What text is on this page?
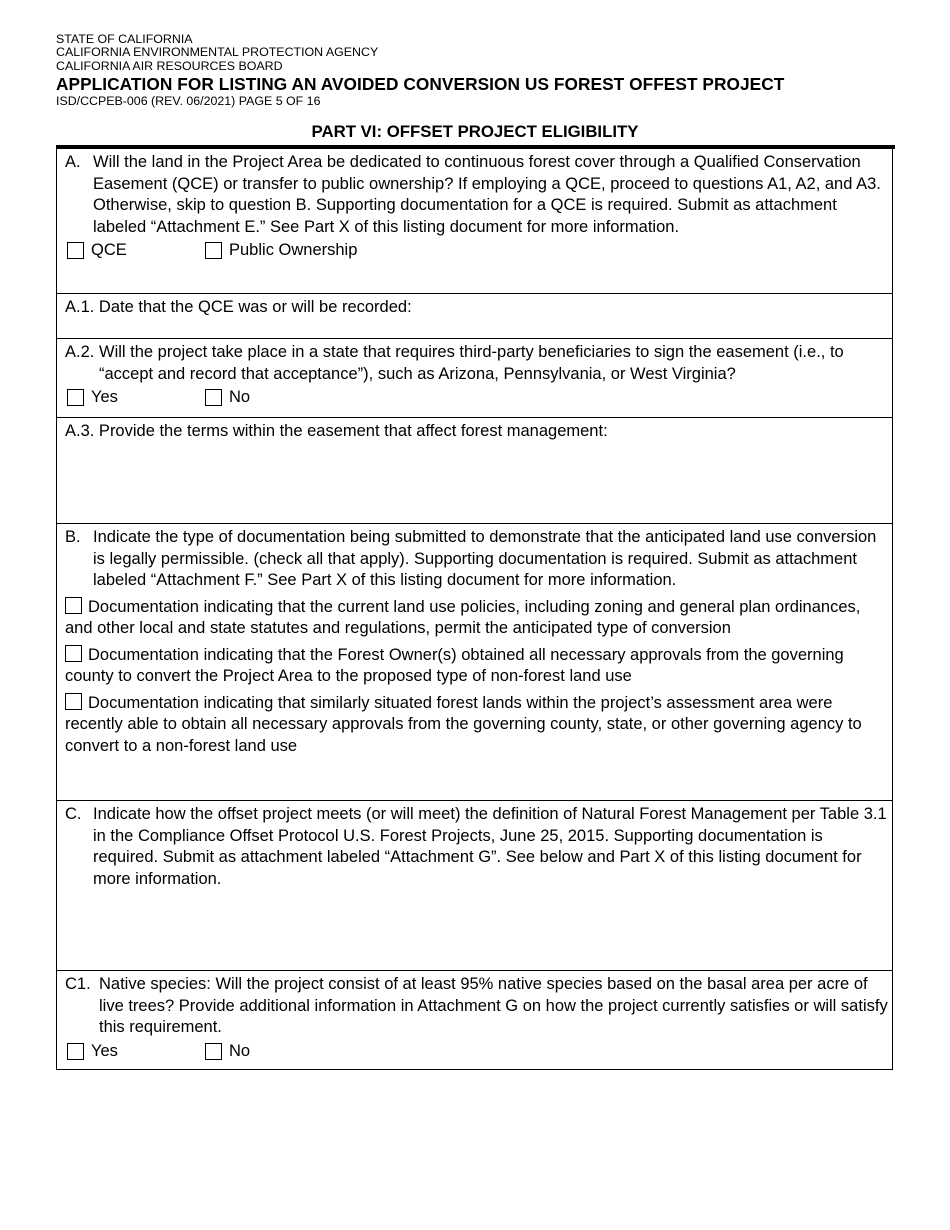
STATE OF CALIFORNIA
CALIFORNIA ENVIRONMENTAL PROTECTION AGENCY
CALIFORNIA AIR RESOURCES BOARD
APPLICATION FOR LISTING AN AVOIDED CONVERSION US FOREST OFFEST PROJECT
ISD/CCPEB-006 (REV. 06/2021) PAGE 5 OF 16
PART VI: OFFSET PROJECT ELIGIBILITY
A. Will the land in the Project Area be dedicated to continuous forest cover through a Qualified Conservation Easement (QCE) or transfer to public ownership? If employing a QCE, proceed to questions A1, A2, and A3. Otherwise, skip to question B. Supporting documentation for a QCE is required. Submit as attachment labeled “Attachment E.” See Part X of this listing document for more information.
QCE	Public Ownership
A.1. Date that the QCE was or will be recorded:
A.2. Will the project take place in a state that requires third-party beneficiaries to sign the easement (i.e., to “accept and record that acceptance”), such as Arizona, Pennsylvania, or West Virginia?
Yes	No
A.3. Provide the terms within the easement that affect forest management:
B. Indicate the type of documentation being submitted to demonstrate that the anticipated land use conversion is legally permissible. (check all that apply). Supporting documentation is required. Submit as attachment labeled “Attachment F.” See Part X of this listing document for more information.
Documentation indicating that the current land use policies, including zoning and general plan ordinances, and other local and state statutes and regulations, permit the anticipated type of conversion
Documentation indicating that the Forest Owner(s) obtained all necessary approvals from the governing county to convert the Project Area to the proposed type of non-forest land use
Documentation indicating that similarly situated forest lands within the project’s assessment area were recently able to obtain all necessary approvals from the governing county, state, or other governing agency to convert to a non-forest land use
C. Indicate how the offset project meets (or will meet) the definition of Natural Forest Management per Table 3.1 in the Compliance Offset Protocol U.S. Forest Projects, June 25, 2015. Supporting documentation is required. Submit as attachment labeled “Attachment G”. See below and Part X of this listing document for more information.
C1. Native species: Will the project consist of at least 95% native species based on the basal area per acre of live trees? Provide additional information in Attachment G on how the project currently satisfies or will satisfy this requirement.
Yes	No
